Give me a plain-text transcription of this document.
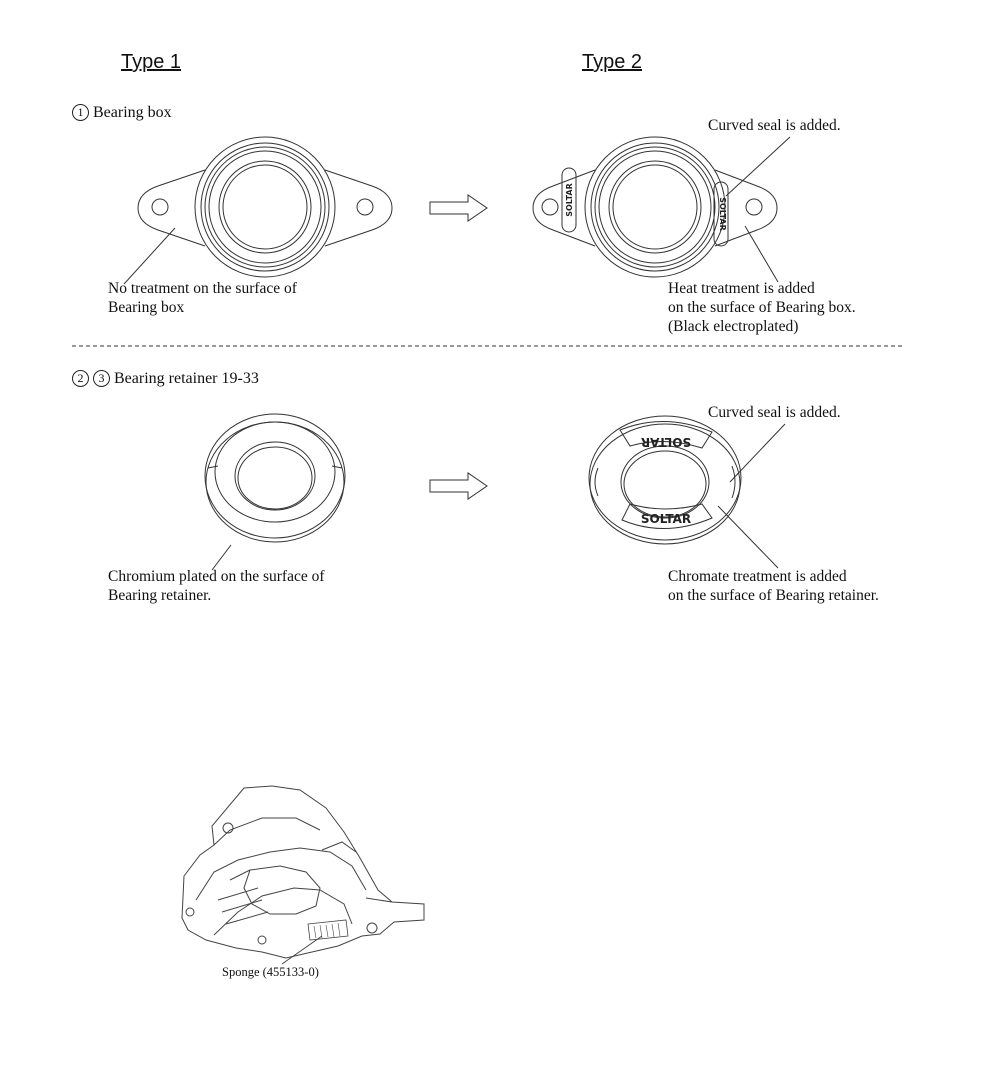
Type 1	Type 2
1 Bearing box
Curved seal is added.
No treatment on the surface of
Bearing box
Heat treatment is added
on the surface of Bearing box.
(Black electroplated)
2 3 Bearing retainer 19-33
Curved seal is added.
Chromium plated on the surface of
Bearing retainer.
Chromate treatment is added
on the surface of Bearing retainer.
Sponge (455133-0)
SOLTAR	SOLTAR
SOLTAR
SOLTAR
